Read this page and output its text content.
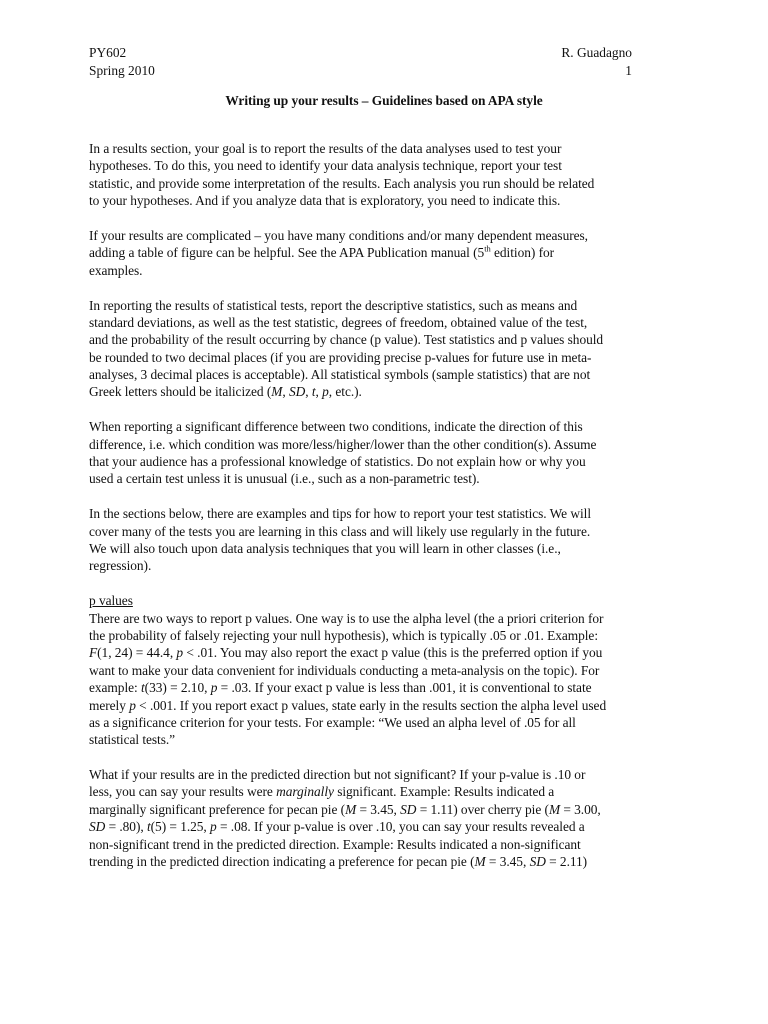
PY602	R. Guadagno
Spring 2010	1
Writing up your results – Guidelines based on APA style
In a results section, your goal is to report the results of the data analyses used to test your
hypotheses. To do this, you need to identify your data analysis technique, report your test
statistic, and provide some interpretation of the results. Each analysis you run should be related
to your hypotheses. And if you analyze data that is exploratory, you need to indicate this.
If your results are complicated – you have many conditions and/or many dependent measures,
adding a table of figure can be helpful. See the APA Publication manual (5th edition) for
examples.
In reporting the results of statistical tests, report the descriptive statistics, such as means and
standard deviations, as well as the test statistic, degrees of freedom, obtained value of the test,
and the probability of the result occurring by chance (p value). Test statistics and p values should
be rounded to two decimal places (if you are providing precise p-values for future use in meta-
analyses, 3 decimal places is acceptable). All statistical symbols (sample statistics) that are not
Greek letters should be italicized (M, SD, t, p, etc.).
When reporting a significant difference between two conditions, indicate the direction of this
difference, i.e. which condition was more/less/higher/lower than the other condition(s). Assume
that your audience has a professional knowledge of statistics. Do not explain how or why you
used a certain test unless it is unusual (i.e., such as a non-parametric test).
In the sections below, there are examples and tips for how to report your test statistics. We will
cover many of the tests you are learning in this class and will likely use regularly in the future.
We will also touch upon data analysis techniques that you will learn in other classes (i.e.,
regression).
p values
There are two ways to report p values. One way is to use the alpha level (the a priori criterion for
the probability of falsely rejecting your null hypothesis), which is typically .05 or .01. Example:
F(1, 24) = 44.4, p < .01. You may also report the exact p value (this is the preferred option if you
want to make your data convenient for individuals conducting a meta-analysis on the topic). For
example: t(33) = 2.10, p = .03. If your exact p value is less than .001, it is conventional to state
merely p < .001. If you report exact p values, state early in the results section the alpha level used
as a significance criterion for your tests. For example: “We used an alpha level of .05 for all
statistical tests.”
What if your results are in the predicted direction but not significant? If your p-value is .10 or
less, you can say your results were marginally significant. Example: Results indicated a
marginally significant preference for pecan pie (M = 3.45, SD = 1.11) over cherry pie (M = 3.00,
SD = .80), t(5) = 1.25, p = .08. If your p-value is over .10, you can say your results revealed a
non-significant trend in the predicted direction. Example: Results indicated a non-significant
trending in the predicted direction indicating a preference for pecan pie (M = 3.45, SD = 2.11)
